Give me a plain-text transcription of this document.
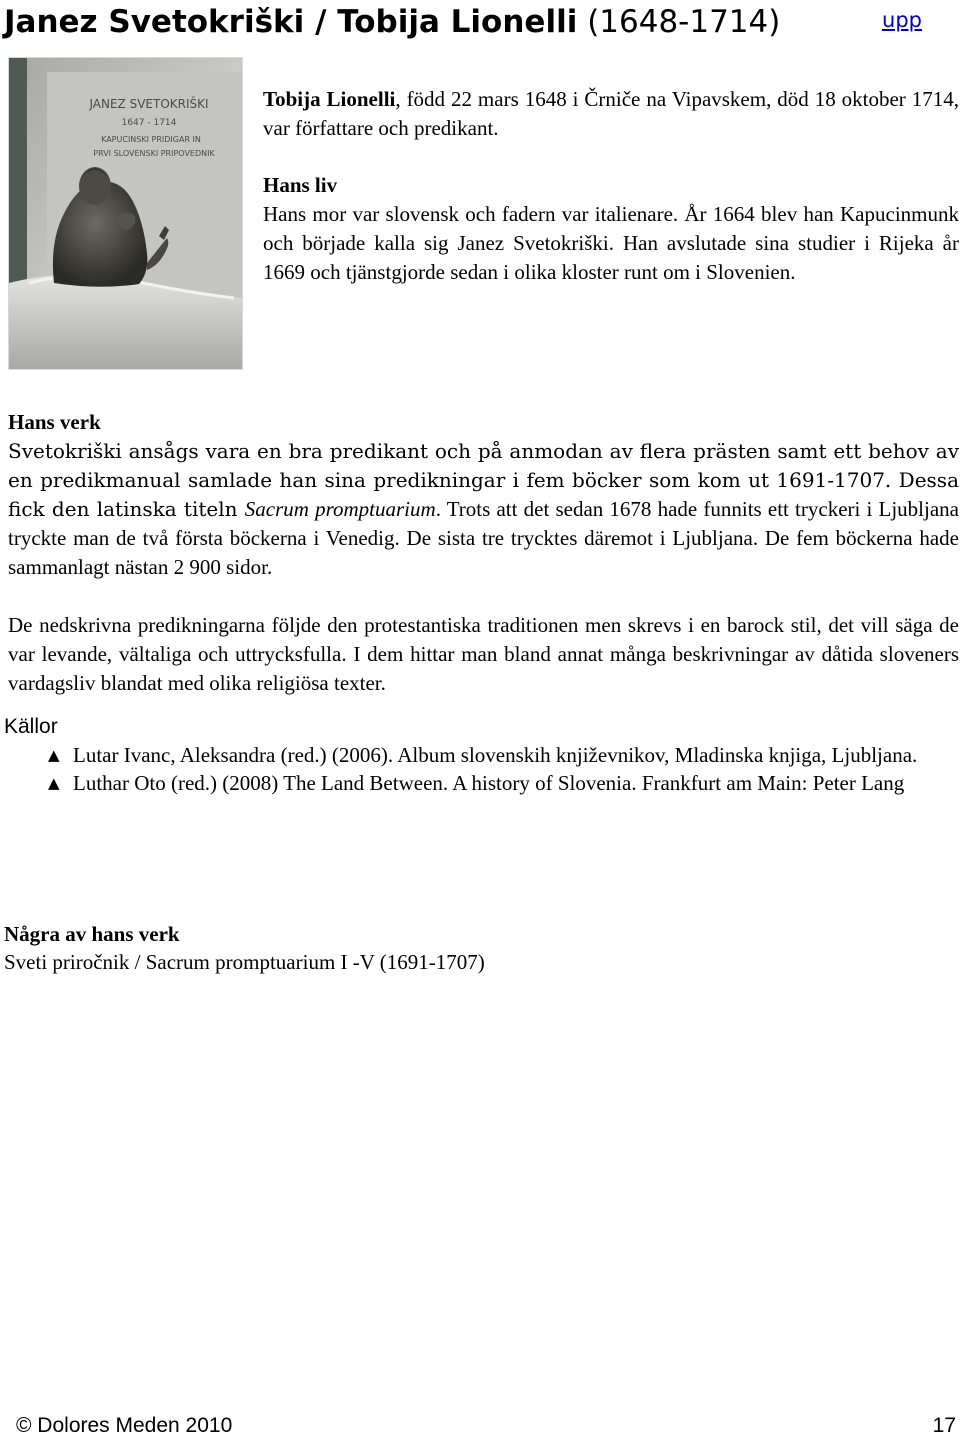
Janez Svetokriški / Tobija Lionelli (1648-1714)	upp
JANEZ SVETOKRIŠKI
1647 - 1714
KAPUCINSKI PRIDIGAR IN
PRVI SLOVENSKI PRIPOVEDNIK

Tobija Lionelli, född 22 mars 1648 i Črniče na Vipavskem, död 18 oktober 1714, var författare och predikant.

Hans liv

Hans mor var slovensk och fadern var italienare. År 1664 blev han Kapucinmunk och började kalla sig Janez Svetokriški. Han avslutade sina studier i Rijeka år 1669 och tjänstgjorde sedan i olika kloster runt om i Slovenien.

Hans verk

Svetokriški ansågs vara en bra predikant och på anmodan av flera prästen samt ett behov av en predikmanual samlade han sina predikningar i fem böcker som kom ut 1691-1707. Dessa fick den latinska titeln Sacrum promptuarium. Trots att det sedan 1678 hade funnits ett tryckeri i Ljubljana tryckte man de två första böckerna i Venedig. De sista tre trycktes däremot i Ljubljana. De fem böckerna hade sammanlagt nästan 2 900 sidor.

De nedskrivna predikningarna följde den protestantiska traditionen men skrevs i en barock stil, det vill säga de var levande, vältaliga och uttrycksfulla. I dem hittar man bland annat många beskrivningar av dåtida sloveners vardagsliv blandat med olika religiösa texter.

Källor
▲ Lutar Ivanc, Aleksandra (red.) (2006). Album slovenskih književnikov, Mladinska knjiga, Ljubljana.
▲ Luthar Oto (red.) (2008) The Land Between. A history of Slovenia. Frankfurt am Main: Peter Lang

Några av hans verk

Sveti priročnik / Sacrum promptuarium I -V (1691-1707)

© Dolores Meden 2010	17
